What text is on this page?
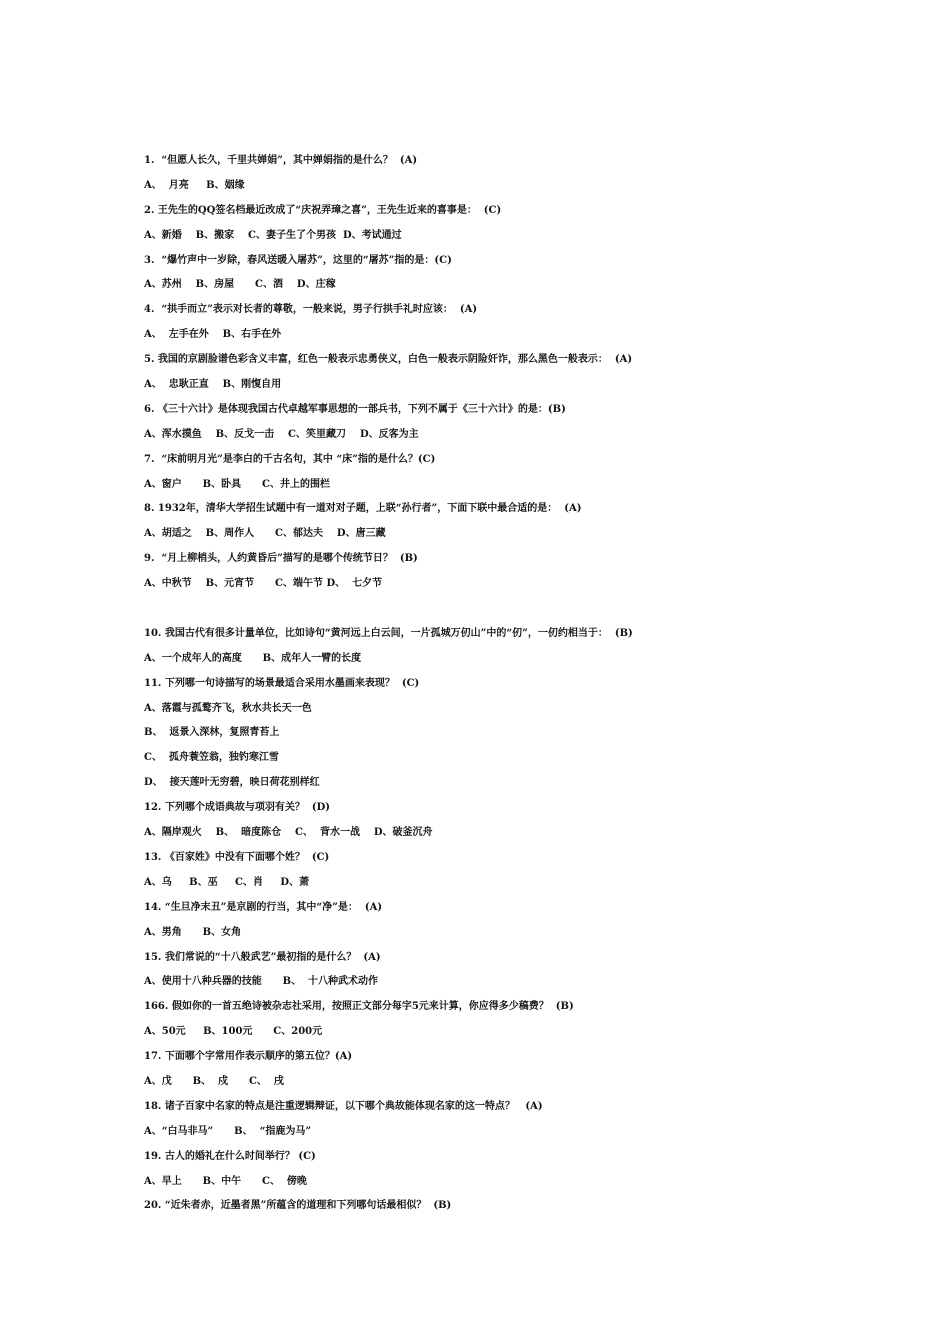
1.  “但愿人长久，千里共婵娟”，其中婵娟指的是什么？  (A)
A、  月亮     B、姻缘
2. 王先生的QQ签名档最近改成了“庆祝弄璋之喜”，王先生近来的喜事是：  (C)
A、新婚    B、搬家    C、妻子生了个男孩  D、考试通过
3.  “爆竹声中一岁除，春风送暖入屠苏”，这里的“屠苏”指的是：(C)
A、苏州    B、房屋      C、酒    D、庄稼
4.  “拱手而立”表示对长者的尊敬，一般来说，男子行拱手礼时应该：  (A)
A、  左手在外    B、右手在外
5. 我国的京剧脸谱色彩含义丰富，红色一般表示忠勇侠义，白色一般表示阴险奸诈，那么黑色一般表示：  (A)
A、  忠耿正直    B、刚愎自用
6. 《三十六计》是体现我国古代卓越军事思想的一部兵书，下列不属于《三十六计》的是：(B)
A、浑水摸鱼    B、反戈一击    C、笑里藏刀    D、反客为主
7.  “床前明月光”是李白的千古名句，其中 “床”指的是什么？(C)
A、窗户      B、卧具      C、井上的围栏
8. 1932年，清华大学招生试题中有一道对对子题，上联“孙行者”，下面下联中最合适的是：  (A)
A、胡适之    B、周作人      C、郁达夫    D、唐三藏
9.  “月上柳梢头，人约黄昏后”描写的是哪个传统节日？  (B)
A、中秋节    B、元宵节      C、端午节 D、  七夕节
10. 我国古代有很多计量单位，比如诗句“黄河远上白云间，一片孤城万仞山”中的“仞”，一仞约相当于：  (B)
A、一个成年人的高度      B、成年人一臂的长度
11. 下列哪一句诗描写的场景最适合采用水墨画来表现？  (C)
A、落霞与孤鹜齐飞，秋水共长天一色
B、  返景入深林，复照青苔上
C、  孤舟蓑笠翁，独钓寒江雪
D、  接天莲叶无穷碧，映日荷花别样红
12. 下列哪个成语典故与项羽有关？  (D)
A、隔岸观火    B、  暗度陈仓    C、  背水一战    D、破釜沉舟
13. 《百家姓》中没有下面哪个姓？  (C)
A、乌     B、巫     C、肖     D、萧
14. “生旦净末丑”是京剧的行当，其中“净”是：  (A)
A、男角      B、女角
15. 我们常说的“十八般武艺”最初指的是什么？  (A)
A、使用十八种兵器的技能      B、  十八种武术动作
166. 假如你的一首五绝诗被杂志社采用，按照正文部分每字5元来计算，你应得多少稿费？  (B)
A、50元     B、100元      C、200元
17. 下面哪个字常用作表示顺序的第五位？(A)
A、戊      B、  戍      C、  戌
18. 诸子百家中名家的特点是注重逻辑辩证，以下哪个典故能体现名家的这一特点？   (A)
A、“白马非马”      B、  “指鹿为马”
19. 古人的婚礼在什么时间举行？ (C)
A、早上      B、中午      C、  傍晚
20. “近朱者赤，近墨者黑”所蕴含的道理和下列哪句话最相似？  (B)
